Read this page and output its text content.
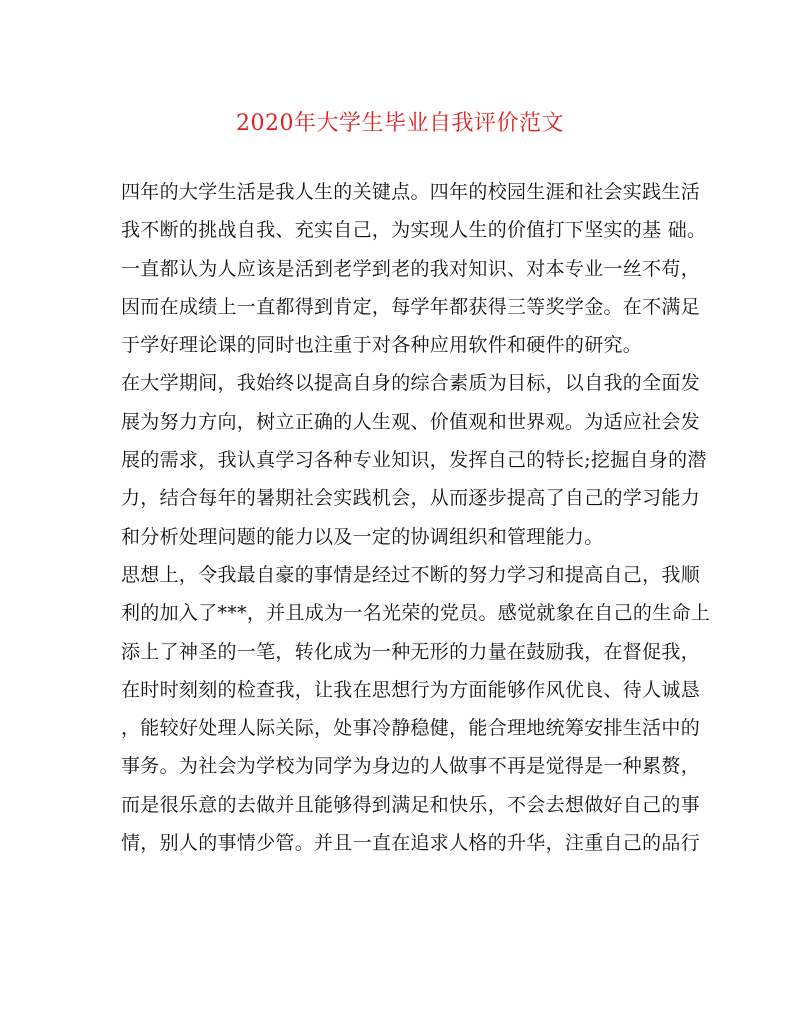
2020年大学生毕业自我评价范文
四年的大学生活是我人生的关键点。四年的校园生涯和社会实践生活
我不断的挑战自我、充实自己，为实现人生的价值打下坚实的基 础。
一直都认为人应该是活到老学到老的我对知识、对本专业一丝不苟，
因而在成绩上一直都得到肯定，每学年都获得三等奖学金。在不满足
于学好理论课的同时也注重于对各种应用软件和硬件的研究。
在大学期间，我始终以提高自身的综合素质为目标，以自我的全面发
展为努力方向，树立正确的人生观、价值观和世界观。为适应社会发
展的需求，我认真学习各种专业知识，发挥自己的特长;挖掘自身的潜
力，结合每年的暑期社会实践机会，从而逐步提高了自己的学习能力
和分析处理问题的能力以及一定的协调组织和管理能力。
思想上，令我最自豪的事情是经过不断的努力学习和提高自己，我顺
利的加入了***，并且成为一名光荣的党员。感觉就象在自己的生命上
添上了神圣的一笔，转化成为一种无形的力量在鼓励我，在督促我，
在时时刻刻的检查我，让我在思想行为方面能够作风优良、待人诚恳
，能较好处理人际关际，处事冷静稳健，能合理地统筹安排生活中的
事务。为社会为学校为同学为身边的人做事不再是觉得是一种累赘，
而是很乐意的去做并且能够得到满足和快乐，不会去想做好自己的事
情，别人的事情少管。并且一直在追求人格的升华，注重自己的品行
